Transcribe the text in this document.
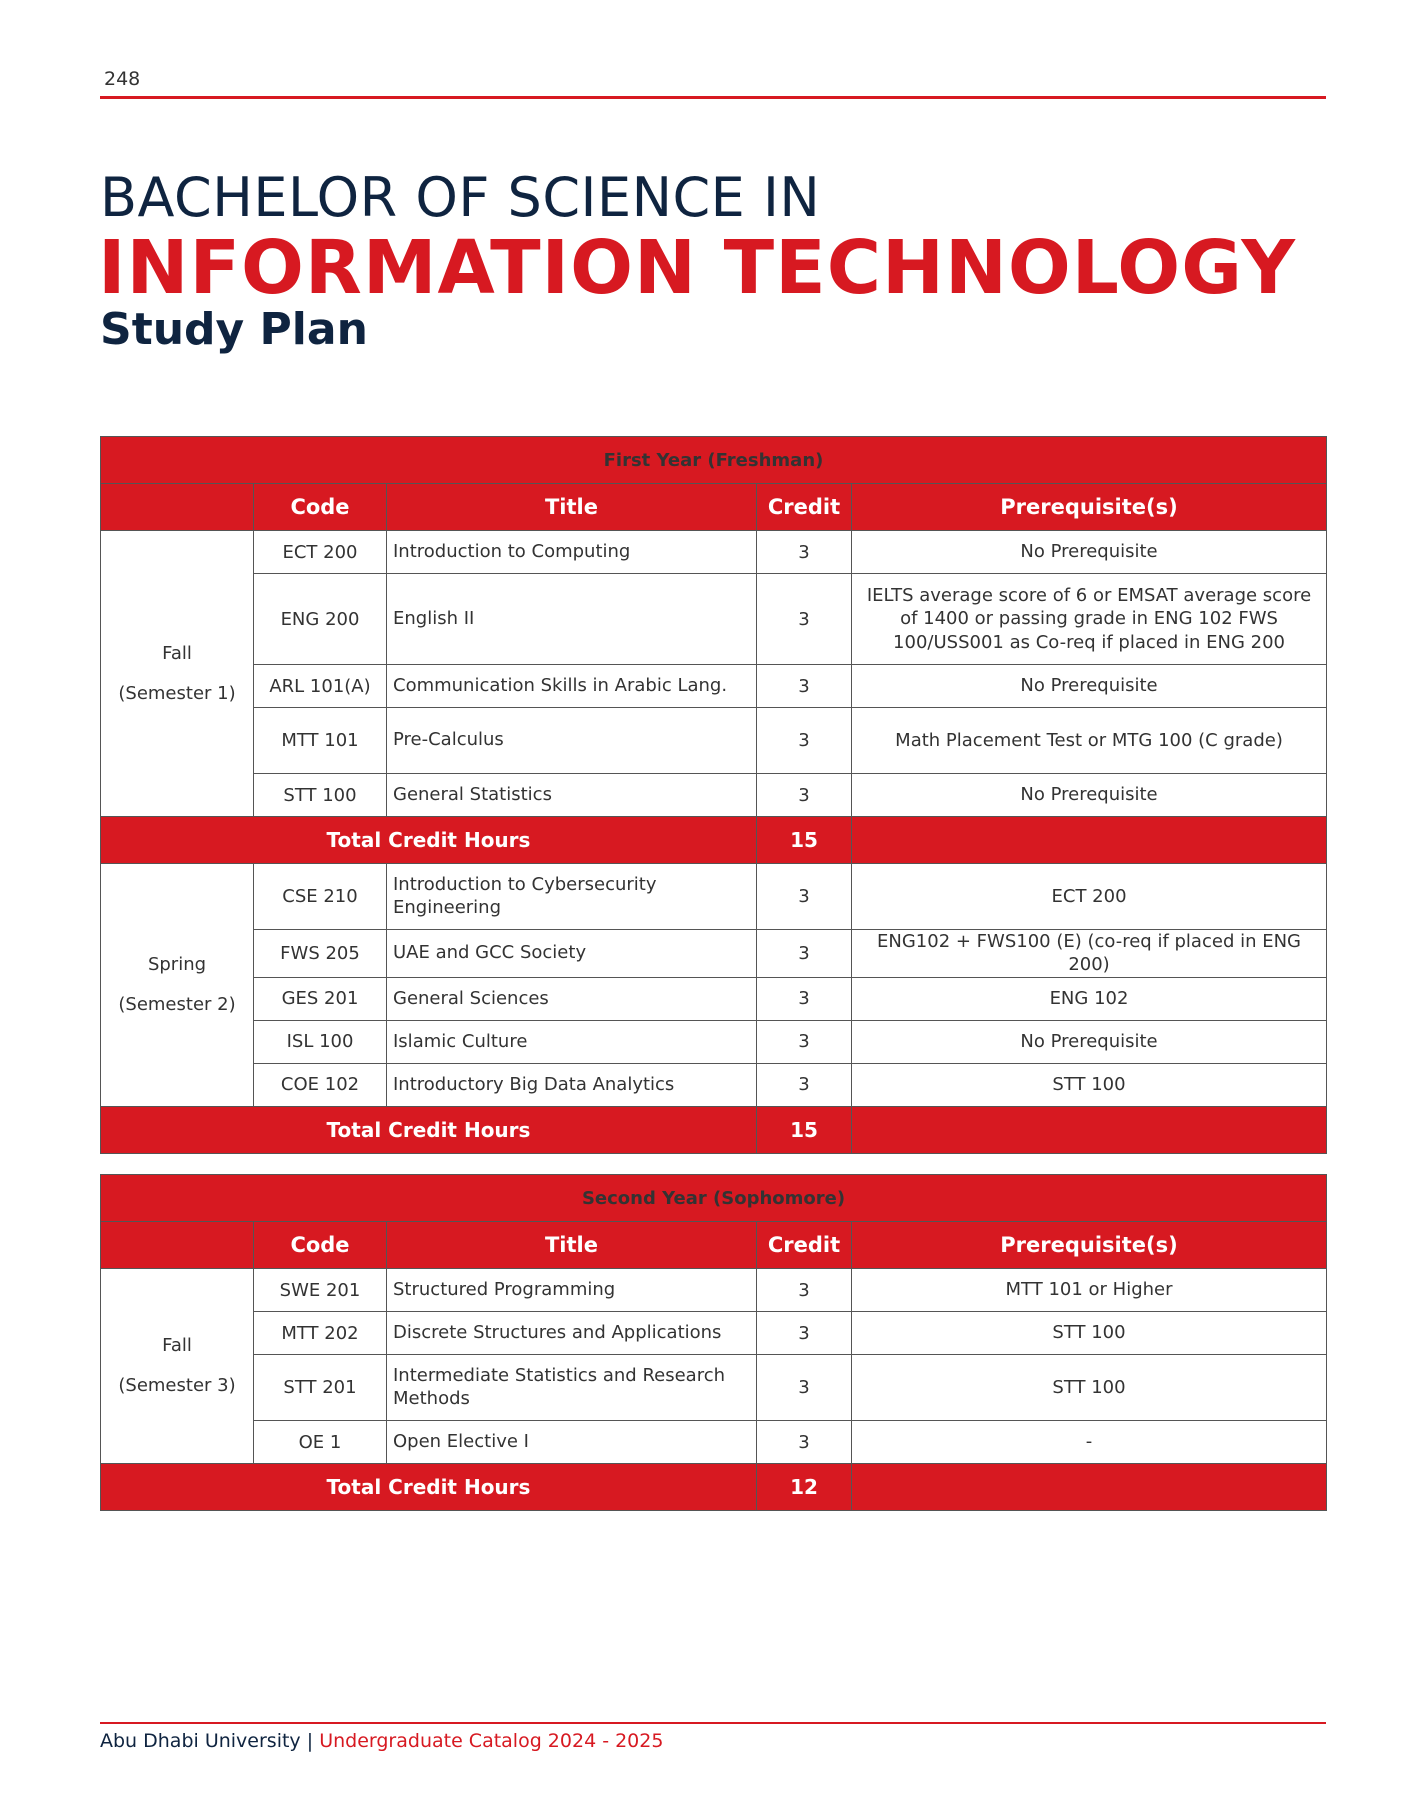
248
BACHELOR OF SCIENCE IN
INFORMATION TECHNOLOGY
Study Plan
First Year (Freshman)				
	Code	Title	Credit	Prerequisite(s)

Fall
(Semester 1)	ECT 200	Introduction to Computing	3	No Prerequisite
	ENG 200	English II	3	IELTS average score of 6 or EMSAT average score of 1400 or passing grade in ENG 102 FWS 100/USS001 as Co-req if placed in ENG 200
	ARL 101(A)	Communication Skills in Arabic Lang.	3	No Prerequisite
	MTT 101	Pre-Calculus	3	Math Placement Test or MTG 100 (C grade)
	STT 100	General Statistics	3	No Prerequisite
Total Credit Hours			15	

Spring
(Semester 2)	CSE 210	Introduction to Cybersecurity Engineering	3	ECT 200
	FWS 205	UAE and GCC Society	3	ENG102 + FWS100 (E) (co-req if placed in ENG 200)
	GES 201	General Sciences	3	ENG 102
	ISL 100	Islamic Culture	3	No Prerequisite
	COE 102	Introductory Big Data Analytics	3	STT 100
Total Credit Hours			15	
Second Year (Sophomore)				
	Code	Title	Credit	Prerequisite(s)

Fall
(Semester 3)	SWE 201	Structured Programming	3	MTT 101 or Higher
	MTT 202	Discrete Structures and Applications	3	STT 100
	STT 201	Intermediate Statistics and Research Methods	3	STT 100
	OE 1	Open Elective I	3	-
Total Credit Hours			12	
Abu Dhabi University | Undergraduate Catalog 2024 - 2025
